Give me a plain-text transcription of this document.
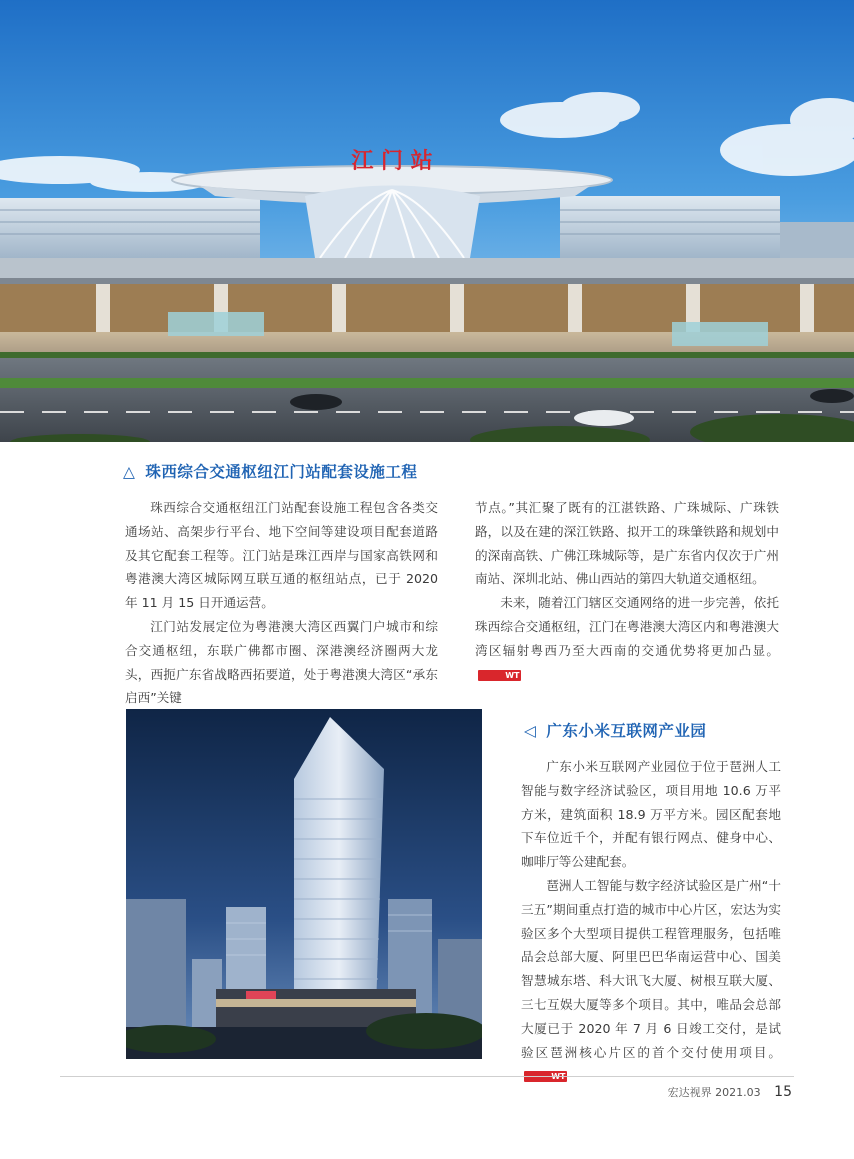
江 门 站
△ 珠西综合交通枢纽江门站配套设施工程

珠西综合交通枢纽江门站配套设施工程包含各类交通场站、高架步行平台、地下空间等建设项目配套道路及其它配套工程等。江门站是珠江西岸与国家高铁网和粤港澳大湾区城际网互联互通的枢纽站点，已于 2020 年 11 月 15 日开通运营。

江门站发展定位为粤港澳大湾区西翼门户城市和综合交通枢纽，东联广佛都市圈、深港澳经济圈两大龙头，西扼广东省战略西拓要道，处于粤港澳大湾区“承东启西”关键

节点。”其汇聚了既有的江湛铁路、广珠城际、广珠铁路，以及在建的深江铁路、拟开工的珠肇铁路和规划中的深南高铁、广佛江珠城际等，是广东省内仅次于广州南站、深圳北站、佛山西站的第四大轨道交通枢纽。

未来，随着江门辖区交通网络的进一步完善，依托珠西综合交通枢纽，江门在粤港澳大湾区内和粤港澳大湾区辐射粤西乃至大西南的交通优势将更加凸显。WT

◁ 广东小米互联网产业园

广东小米互联网产业园位于位于琶洲人工智能与数字经济试验区，项目用地 10.6 万平方米，建筑面积 18.9 万平方米。园区配套地下车位近千个，并配有银行网点、健身中心、咖啡厅等公建配套。

琶洲人工智能与数字经济试验区是广州“十三五”期间重点打造的城市中心片区，宏达为实验区多个大型项目提供工程管理服务，包括唯品会总部大厦、阿里巴巴华南运营中心、国美智慧城东塔、科大讯飞大厦、树根互联大厦、三七互娱大厦等多个项目。其中，唯品会总部大厦已于 2020 年 7 月 6 日竣工交付，是试验区琶洲核心片区的首个交付使用项目。

宏达视界 2021.03 15
